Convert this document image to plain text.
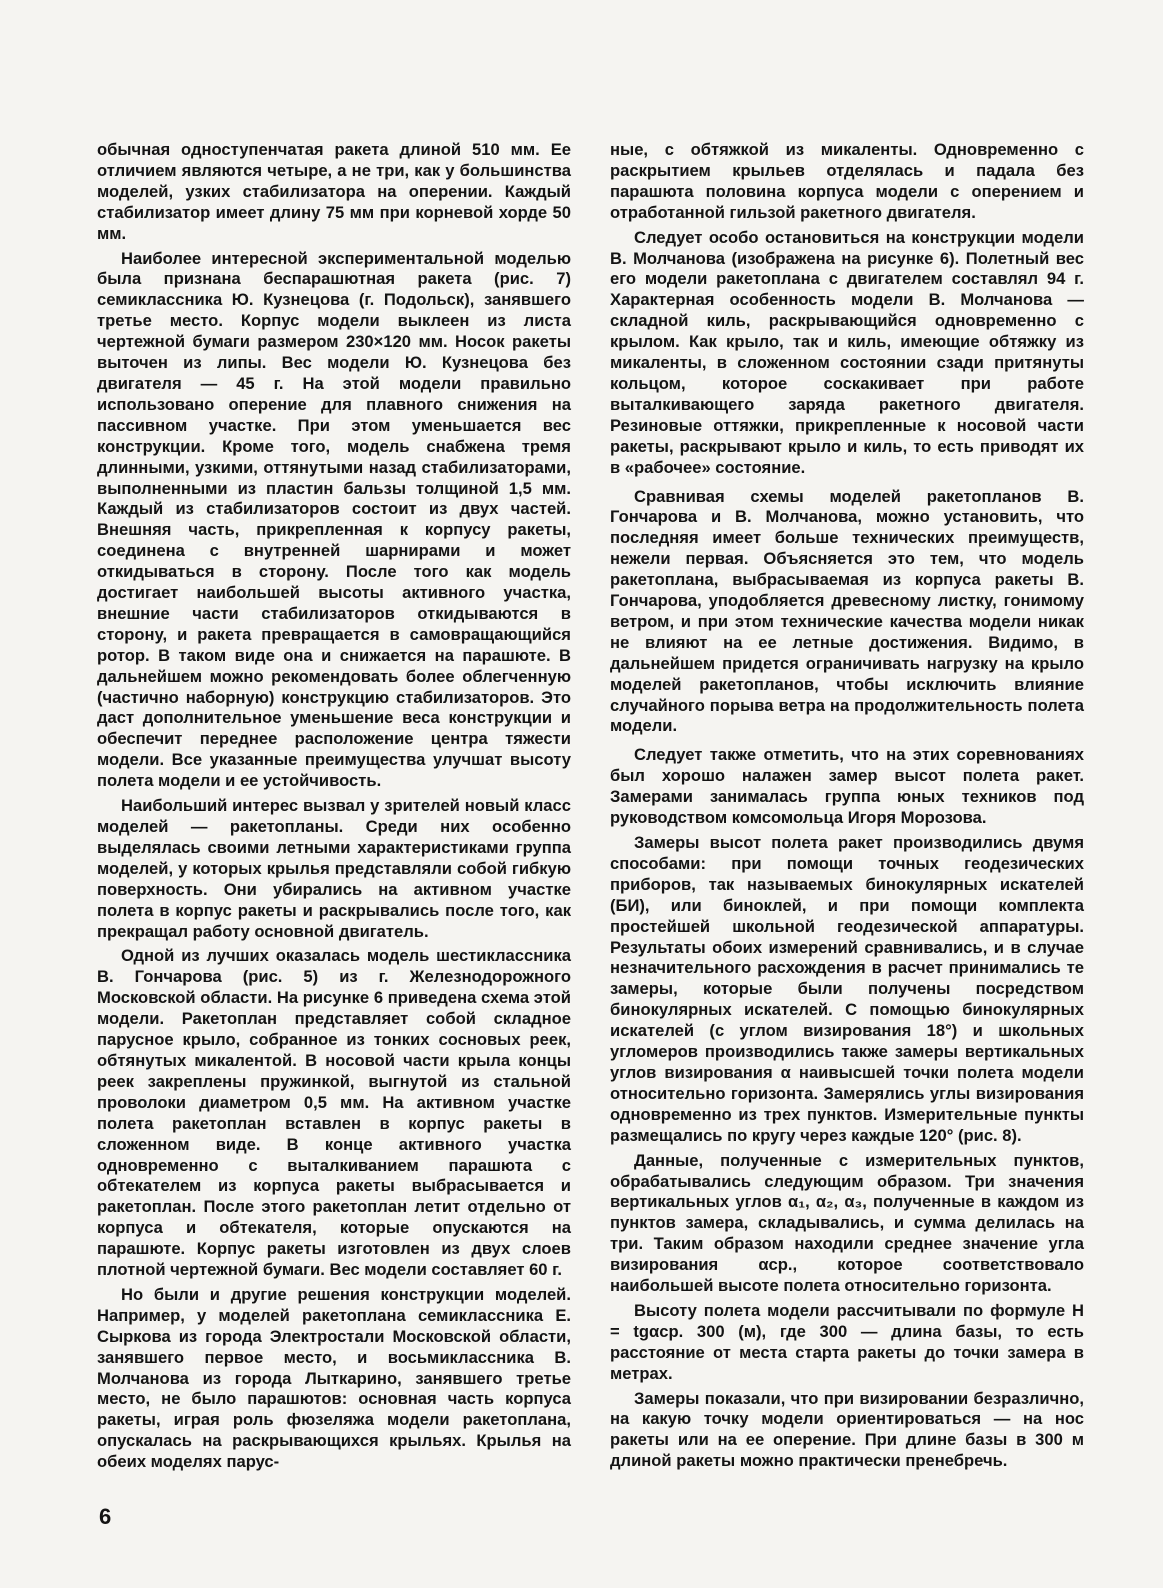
обычная одноступенчатая ракета длиной 510 мм. Ее отличием являются четыре, а не три, как у большинства моделей, узких стабилизатора на оперении. Каждый стабилизатор имеет длину 75 мм при корневой хорде 50 мм.

Наиболее интересной экспериментальной моделью была признана беспарашютная ракета (рис. 7) семиклассника Ю. Кузнецова (г. Подольск), занявшего третье место. Корпус модели выклеен из листа чертежной бумаги размером 230×120 мм. Носок ракеты выточен из липы. Вес модели Ю. Кузнецова без двигателя — 45 г. На этой модели правильно использовано оперение для плавного снижения на пассивном участке. При этом уменьшается вес конструкции. Кроме того, модель снабжена тремя длинными, узкими, оттянутыми назад стабилизаторами, выполненными из пластин бальзы толщиной 1,5 мм. Каждый из стабилизаторов состоит из двух частей. Внешняя часть, прикрепленная к корпусу ракеты, соединена с внутренней шарнирами и может откидываться в сторону. После того как модель достигает наибольшей высоты активного участка, внешние части стабилизаторов откидываются в сторону, и ракета превращается в самовращающийся ротор. В таком виде она и снижается на парашюте. В дальнейшем можно рекомендовать более облегченную (частично наборную) конструкцию стабилизаторов. Это даст дополнительное уменьшение веса конструкции и обеспечит переднее расположение центра тяжести модели. Все указанные преимущества улучшат высоту полета модели и ее устойчивость.

Наибольший интерес вызвал у зрителей новый класс моделей — ракетопланы. Среди них особенно выделялась своими летными характеристиками группа моделей, у которых крылья представляли собой гибкую поверхность. Они убирались на активном участке полета в корпус ракеты и раскрывались после того, как прекращал работу основной двигатель.

Одной из лучших оказалась модель шестиклассника В. Гончарова (рис. 5) из г. Железнодорожного Московской области. На рисунке 6 приведена схема этой модели. Ракетоплан представляет собой складное парусное крыло, собранное из тонких сосновых реек, обтянутых микалентой. В носовой части крыла концы реек закреплены пружинкой, выгнутой из стальной проволоки диаметром 0,5 мм. На активном участке полета ракетоплан вставлен в корпус ракеты в сложенном виде. В конце активного участка одновременно с выталкиванием парашюта с обтекателем из корпуса ракеты выбрасывается и ракетоплан. После этого ракетоплан летит отдельно от корпуса и обтекателя, которые опускаются на парашюте. Корпус ракеты изготовлен из двух слоев плотной чертежной бумаги. Вес модели составляет 60 г.

Но были и другие решения конструкции моделей. Например, у моделей ракетоплана семиклассника Е. Сыркова из города Электростали Московской области, занявшего первое место, и восьмиклассника В. Молчанова из города Лыткарино, занявшего третье место, не было парашютов: основная часть корпуса ракеты, играя роль фюзеляжа модели ракетоплана, опускалась на раскрывающихся крыльях. Крылья на обеих моделях парус-

ные, с обтяжкой из микаленты. Одновременно с раскрытием крыльев отделялась и падала без парашюта половина корпуса модели с оперением и отработанной гильзой ракетного двигателя.

Следует особо остановиться на конструкции модели В. Молчанова (изображена на рисунке 6). Полетный вес его модели ракетоплана с двигателем составлял 94 г. Характерная особенность модели В. Молчанова — складной киль, раскрывающийся одновременно с крылом. Как крыло, так и киль, имеющие обтяжку из микаленты, в сложенном состоянии сзади притянуты кольцом, которое соскакивает при работе выталкивающего заряда ракетного двигателя. Резиновые оттяжки, прикрепленные к носовой части ракеты, раскрывают крыло и киль, то есть приводят их в «рабочее» состояние.

Сравнивая схемы моделей ракетопланов В. Гончарова и В. Молчанова, можно установить, что последняя имеет больше технических преимуществ, нежели первая. Объясняется это тем, что модель ракетоплана, выбрасываемая из корпуса ракеты В. Гончарова, уподобляется древесному листку, гонимому ветром, и при этом технические качества модели никак не влияют на ее летные достижения. Видимо, в дальнейшем придется ограничивать нагрузку на крыло моделей ракетопланов, чтобы исключить влияние случайного порыва ветра на продолжительность полета модели.

Следует также отметить, что на этих соревнованиях был хорошо налажен замер высот полета ракет. Замерами занималась группа юных техников под руководством комсомольца Игоря Морозова.

Замеры высот полета ракет производились двумя способами: при помощи точных геодезических приборов, так называемых бинокулярных искателей (БИ), или биноклей, и при помощи комплекта простейшей школьной геодезической аппаратуры. Результаты обоих измерений сравнивались, и в случае незначительного расхождения в расчет принимались те замеры, которые были получены посредством бинокулярных искателей. С помощью бинокулярных искателей (с углом визирования 18°) и школьных угломеров производились также замеры вертикальных углов визирования α наивысшей точки полета модели относительно горизонта. Замерялись углы визирования одновременно из трех пунктов. Измерительные пункты размещались по кругу через каждые 120° (рис. 8).

Данные, полученные с измерительных пунктов, обрабатывались следующим образом. Три значения вертикальных углов α₁, α₂, α₃, полученные в каждом из пунктов замера, складывались, и сумма делилась на три. Таким образом находили среднее значение угла визирования αср., которое соответствовало наибольшей высоте полета относительно горизонта.

Высоту полета модели рассчитывали по формуле H = tgαср. 300 (м), где 300 — длина базы, то есть расстояние от места старта ракеты до точки замера в метрах.

Замеры показали, что при визировании безразлично, на какую точку модели ориентироваться — на нос ракеты или на ее оперение. При длине базы в 300 м длиной ракеты можно практически пренебречь.

6
